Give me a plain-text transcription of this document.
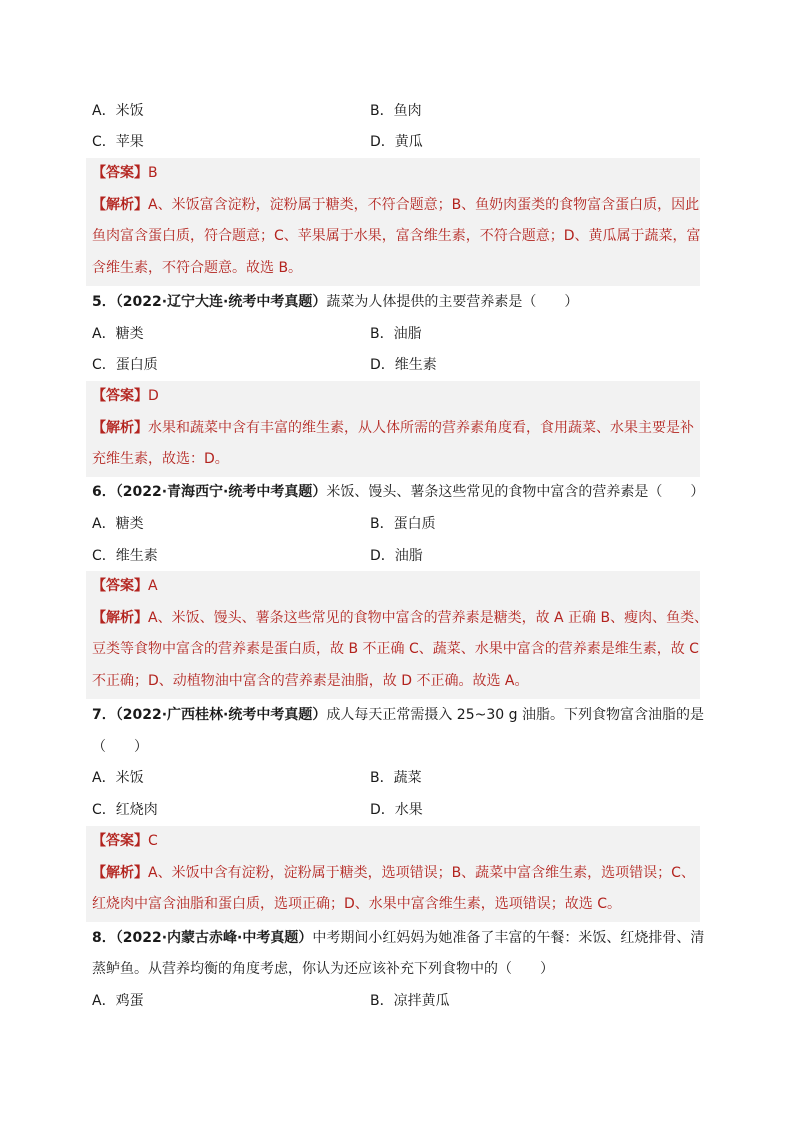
A．米饭	B．鱼肉
C．苹果	D．黄瓜
【答案】B
【解析】A、米饭富含淀粉，淀粉属于糖类，不符合题意；B、鱼奶肉蛋类的食物富含蛋白质，因此
鱼肉富含蛋白质，符合题意；C、苹果属于水果，富含维生素，不符合题意；D、黄瓜属于蔬菜，富
含维生素，不符合题意。故选 B。
5．（2022·辽宁大连·统考中考真题）蔬菜为人体提供的主要营养素是（　　）
A．糖类	B．油脂
C．蛋白质	D．维生素
【答案】D
【解析】水果和蔬菜中含有丰富的维生素，从人体所需的营养素角度看，食用蔬菜、水果主要是补
充维生素，故选：D。
6．（2022·青海西宁·统考中考真题）米饭、馒头、薯条这些常见的食物中富含的营养素是（　　）
A．糖类	B．蛋白质
C．维生素	D．油脂
【答案】A
【解析】A、米饭、馒头、薯条这些常见的食物中富含的营养素是糖类，故 A 正确 B、瘦肉、鱼类、
豆类等食物中富含的营养素是蛋白质，故 B 不正确 C、蔬菜、水果中富含的营养素是维生素，故 C
不正确；D、动植物油中富含的营养素是油脂，故 D 不正确。故选 A。
7．（2022·广西桂林·统考中考真题）成人每天正常需摄入 25~30 g 油脂。下列食物富含油脂的是
（　　）
A．米饭	B．蔬菜
C．红烧肉	D．水果
【答案】C
【解析】A、米饭中含有淀粉，淀粉属于糖类，选项错误；B、蔬菜中富含维生素，选项错误；C、
红烧肉中富含油脂和蛋白质，选项正确；D、水果中富含维生素，选项错误；故选 C。
8．（2022·内蒙古赤峰·中考真题）中考期间小红妈妈为她准备了丰富的午餐：米饭、红烧排骨、清
蒸鲈鱼。从营养均衡的角度考虑，你认为还应该补充下列食物中的（　　）
A．鸡蛋	B．凉拌黄瓜
